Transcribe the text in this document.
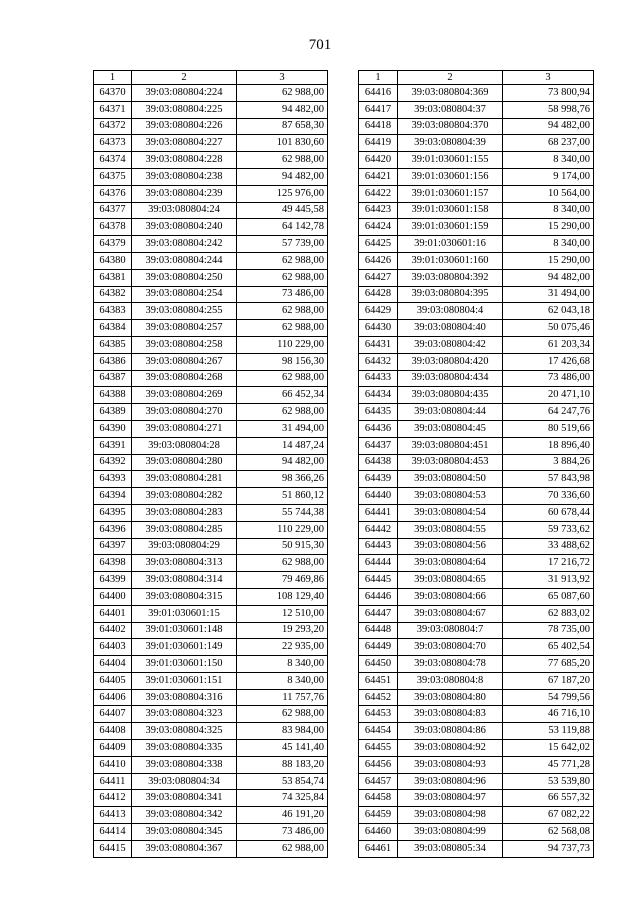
701
1	2	3
64370	39:03:080804:224	62 988,00
64371	39:03:080804:225	94 482,00
64372	39:03:080804:226	87 658,30
64373	39:03:080804:227	101 830,60
64374	39:03:080804:228	62 988,00
64375	39:03:080804:238	94 482,00
64376	39:03:080804:239	125 976,00
64377	39:03:080804:24	49 445,58
64378	39:03:080804:240	64 142,78
64379	39:03:080804:242	57 739,00
64380	39:03:080804:244	62 988,00
64381	39:03:080804:250	62 988,00
64382	39:03:080804:254	73 486,00
64383	39:03:080804:255	62 988,00
64384	39:03:080804:257	62 988,00
64385	39:03:080804:258	110 229,00
64386	39:03:080804:267	98 156,30
64387	39:03:080804:268	62 988,00
64388	39:03:080804:269	66 452,34
64389	39:03:080804:270	62 988,00
64390	39:03:080804:271	31 494,00
64391	39:03:080804:28	14 487,24
64392	39:03:080804:280	94 482,00
64393	39:03:080804:281	98 366,26
64394	39:03:080804:282	51 860,12
64395	39:03:080804:283	55 744,38
64396	39:03:080804:285	110 229,00
64397	39:03:080804:29	50 915,30
64398	39:03:080804:313	62 988,00
64399	39:03:080804:314	79 469,86
64400	39:03:080804:315	108 129,40
64401	39:01:030601:15	12 510,00
64402	39:01:030601:148	19 293,20
64403	39:01:030601:149	22 935,00
64404	39:01:030601:150	8 340,00
64405	39:01:030601:151	8 340,00
64406	39:03:080804:316	11 757,76
64407	39:03:080804:323	62 988,00
64408	39:03:080804:325	83 984,00
64409	39:03:080804:335	45 141,40
64410	39:03:080804:338	88 183,20
64411	39:03:080804:34	53 854,74
64412	39:03:080804:341	74 325,84
64413	39:03:080804:342	46 191,20
64414	39:03:080804:345	73 486,00
64415	39:03:080804:367	62 988,00
1	2	3
64416	39:03:080804:369	73 800,94
64417	39:03:080804:37	58 998,76
64418	39:03:080804:370	94 482,00
64419	39:03:080804:39	68 237,00
64420	39:01:030601:155	8 340,00
64421	39:01:030601:156	9 174,00
64422	39:01:030601:157	10 564,00
64423	39:01:030601:158	8 340,00
64424	39:01:030601:159	15 290,00
64425	39:01:030601:16	8 340,00
64426	39:01:030601:160	15 290,00
64427	39:03:080804:392	94 482,00
64428	39:03:080804:395	31 494,00
64429	39:03:080804:4	62 043,18
64430	39:03:080804:40	50 075,46
64431	39:03:080804:42	61 203,34
64432	39:03:080804:420	17 426,68
64433	39:03:080804:434	73 486,00
64434	39:03:080804:435	20 471,10
64435	39:03:080804:44	64 247,76
64436	39:03:080804:45	80 519,66
64437	39:03:080804:451	18 896,40
64438	39:03:080804:453	3 884,26
64439	39:03:080804:50	57 843,98
64440	39:03:080804:53	70 336,60
64441	39:03:080804:54	60 678,44
64442	39:03:080804:55	59 733,62
64443	39:03:080804:56	33 488,62
64444	39:03:080804:64	17 216,72
64445	39:03:080804:65	31 913,92
64446	39:03:080804:66	65 087,60
64447	39:03:080804:67	62 883,02
64448	39:03:080804:7	78 735,00
64449	39:03:080804:70	65 402,54
64450	39:03:080804:78	77 685,20
64451	39:03:080804:8	67 187,20
64452	39:03:080804:80	54 799,56
64453	39:03:080804:83	46 716,10
64454	39:03:080804:86	53 119,88
64455	39:03:080804:92	15 642,02
64456	39:03:080804:93	45 771,28
64457	39:03:080804:96	53 539,80
64458	39:03:080804:97	66 557,32
64459	39:03:080804:98	67 082,22
64460	39:03:080804:99	62 568,08
64461	39:03:080805:34	94 737,73
